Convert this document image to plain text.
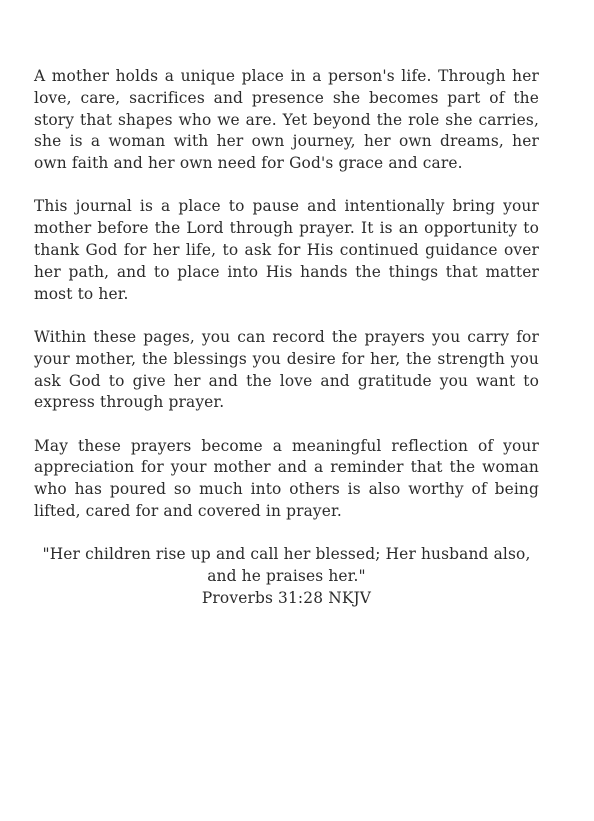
A mother holds a unique place in a person's life. Through her love, care, sacrifices and presence she becomes part of the story that shapes who we are. Yet beyond the role she carries, she is a woman with her own journey, her own dreams, her own faith and her own need for God's grace and care.

This journal is a place to pause and intentionally bring your mother before the Lord through prayer. It is an opportunity to thank God for her life, to ask for His continued guidance over her path, and to place into His hands the things that matter most to her.

Within these pages, you can record the prayers you carry for your mother, the blessings you desire for her, the strength you ask God to give her and the love and gratitude you want to express through prayer.

May these prayers become a meaningful reflection of your appreciation for your mother and a reminder that the woman who has poured so much into others is also worthy of being lifted, cared for and covered in prayer.

"Her children rise up and call her blessed; Her husband also,
and he praises her."
Proverbs 31:28 NKJV
